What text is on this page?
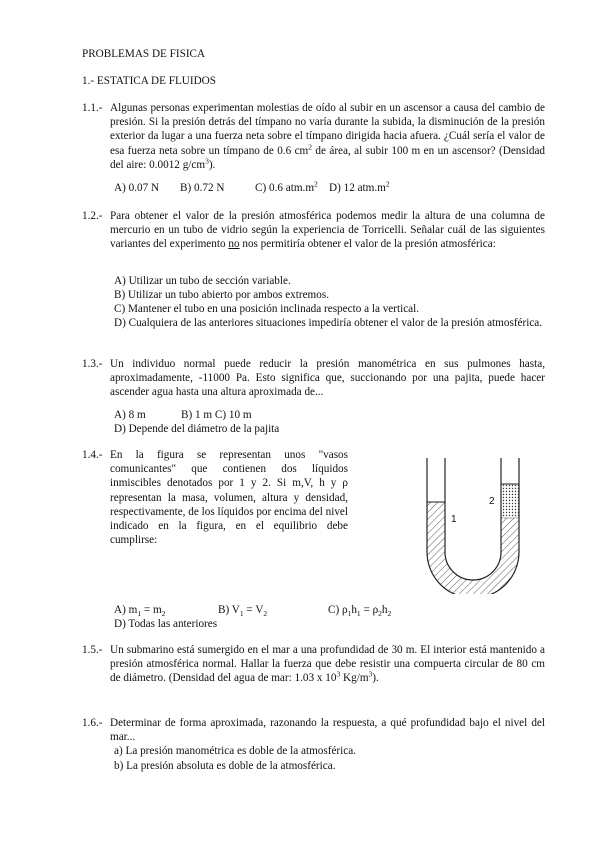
PROBLEMAS DE FISICA
1.- ESTATICA DE FLUIDOS
1.1.- Algunas personas experimentan molestias de oído al subir en un ascensor a causa del cambio de presión. Si la presión detrás del tímpano no varía durante la subida, la disminución de la presión exterior da lugar a una fuerza neta sobre el tímpano dirigida hacia afuera. ¿Cuál sería el valor de esa fuerza neta sobre un tímpano de 0.6 $cm^2$ de área, al subir 100 m en un ascensor? (Densidad del aire: 0.0012 $g/cm^3$).
A) 0.07 N B) 0.72 N	C) 0.6 $atm.m^2$ D) 12 $atm.m^2$
1.2.- Para obtener el valor de la presión atmosférica podemos medir la altura de una columna de mercurio en un tubo de vidrio según la experiencia de Torricelli. Señalar cuál de las siguientes variantes del experimento no nos permitiría obtener el valor de la presión atmosférica:
A) Utilizar un tubo de sección variable.
B) Utilizar un tubo abierto por ambos extremos.
C) Mantener el tubo en una posición inclinada respecto a la vertical.
D) Cualquiera de las anteriores situaciones impediría obtener el valor de la presión atmosférica.
1.3.- Un individuo normal puede reducir la presión manométrica en sus pulmones hasta, aproximadamente, -11000 Pa. Esto significa que, succionando por una pajita, puede hacer ascender agua hasta una altura aproximada de...
A) 8 m	B) 1 m C) 10 m
D) Depende del diámetro de la pajita
1.4.- En la figura se representan unos "vasos comunicantes" que contienen dos líquidos inmiscibles denotados por 1 y 2. Si m,V, h y ρ representan la masa, volumen, altura y densidad, respectivamente, de los líquidos por encima del nivel indicado en la figura, en el equilibrio debe cumplirse:
1
2
A) $m_1 = m_2$	B) $V_1 = V_2$	C) $\rho_1h_1 = \rho_2h_2$
D) Todas las anteriores
1.5.- Un submarino está sumergido en el mar a una profundidad de 30 m. El interior está mantenido a presión atmosférica normal. Hallar la fuerza que debe resistir una compuerta circular de 80 cm de diámetro. (Densidad del agua de mar: 1.03 x $10^3$ $Kg/m^3$).
1.6.- Determinar de forma aproximada, razonando la respuesta, a qué profundidad bajo el nivel del mar...
a) La presión manométrica es doble de la atmosférica.
b) La presión absoluta es doble de la atmosférica.
